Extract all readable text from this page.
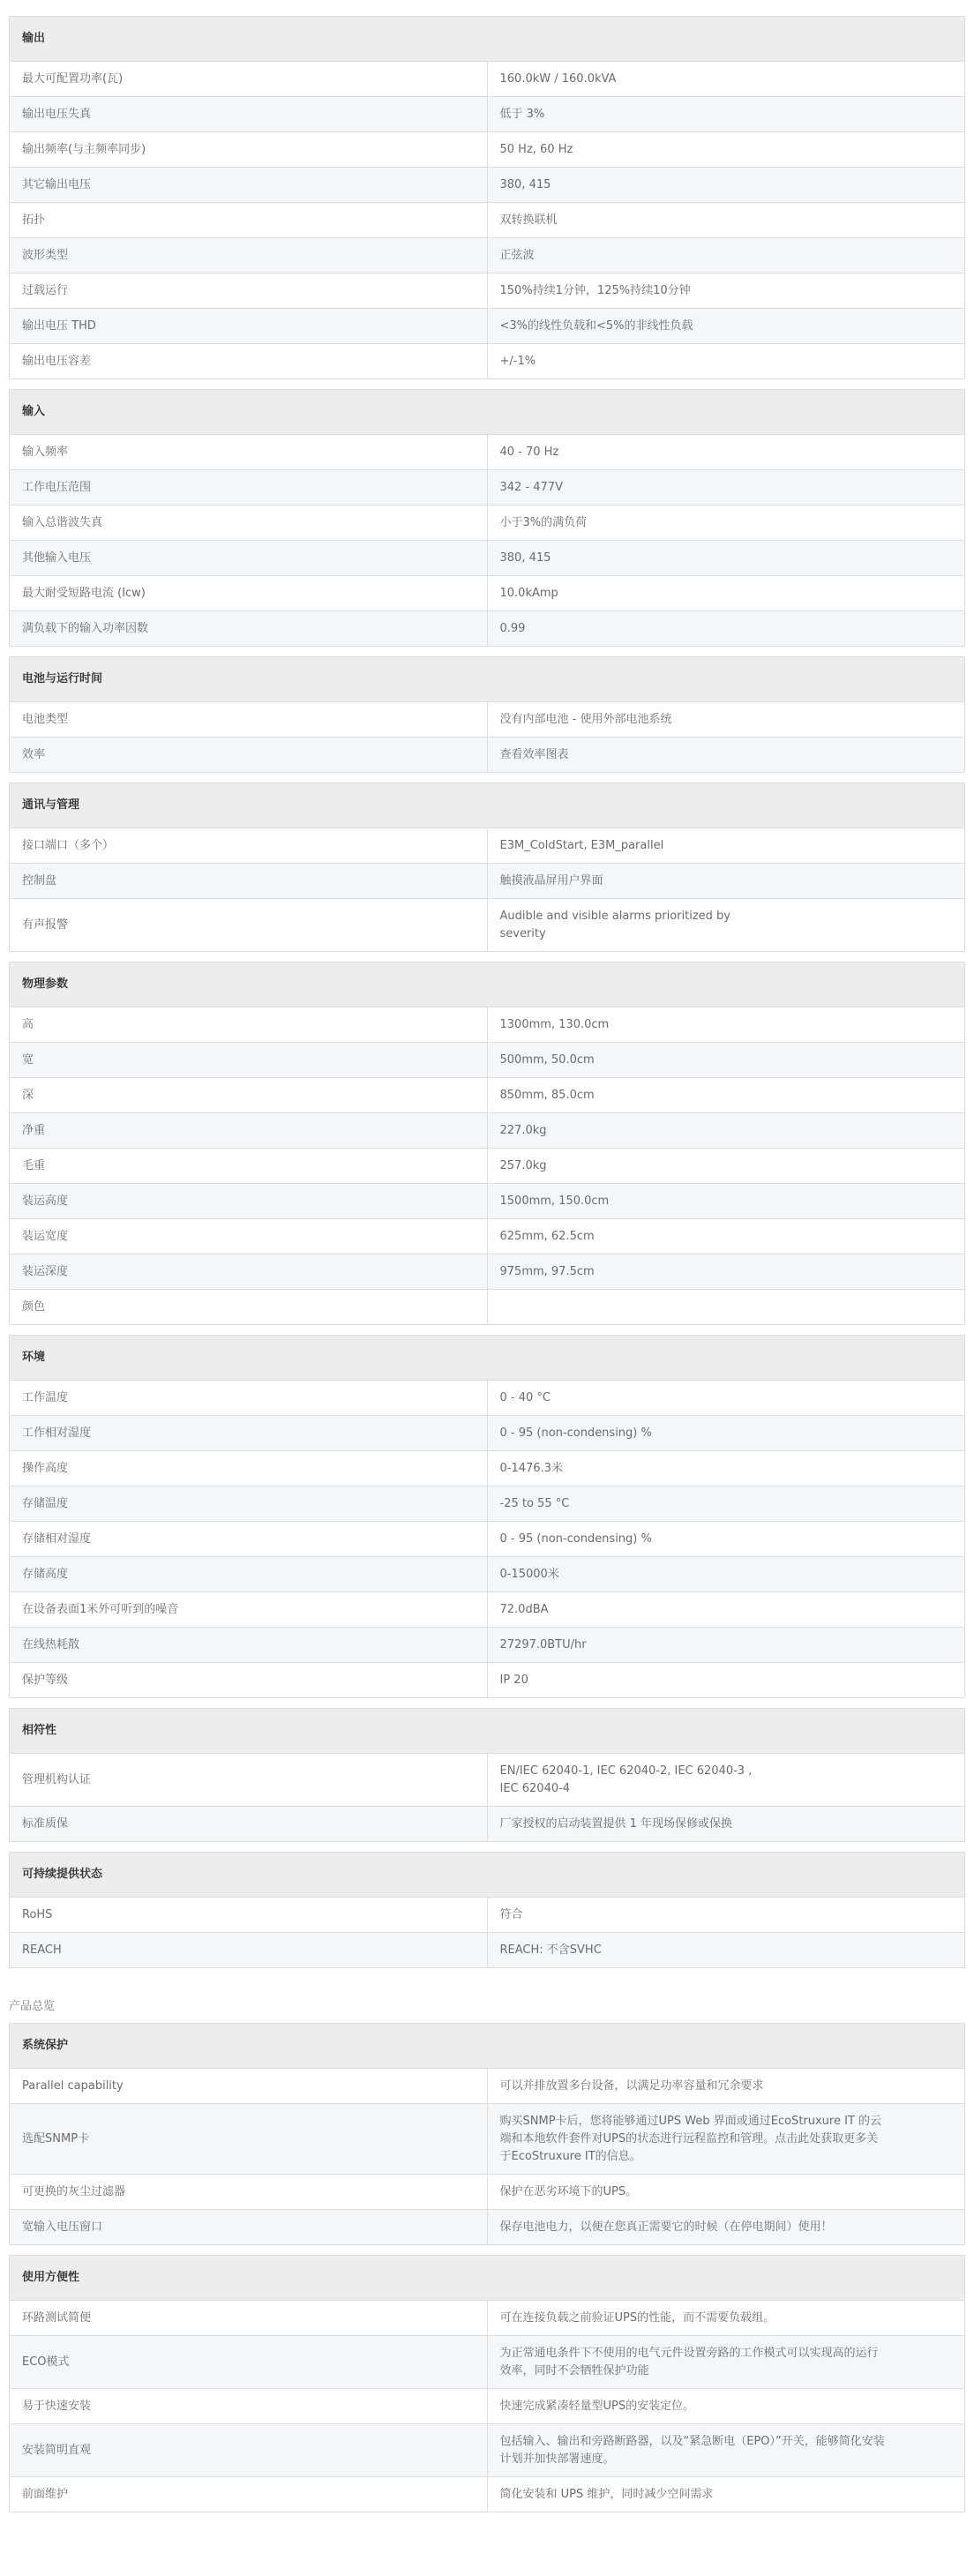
输出	
最大可配置功率(瓦)	160.0kW / 160.0kVA

输出电压失真	低于 3%

输出频率(与主频率同步)	50 Hz, 60 Hz

其它输出电压	380, 415

拓扑	双转换联机

波形类型	正弦波

过载运行	150%持续1分钟，125%持续10分钟

输出电压 THD	<3%的线性负载和<5%的非线性负载

输出电压容差	+/-1%
输入	
输入频率	40 - 70 Hz

工作电压范围	342 - 477V

输入总谐波失真	小于3%的满负荷

其他输入电压	380, 415

最大耐受短路电流 (Icw)	10.0kAmp

满负载下的输入功率因数	0.99
电池与运行时间	
电池类型	没有内部电池 - 使用外部电池系统

效率	查看效率图表
通讯与管理	
接口端口（多个）	E3M_ColdStart, E3M_parallel

控制盘	触摸液晶屏用户界面

有声报警	Audible and visible alarms prioritized by severity
物理参数	
高	1300mm, 130.0cm

宽	500mm, 50.0cm

深	850mm, 85.0cm

净重	227.0kg

毛重	257.0kg

装运高度	1500mm, 150.0cm

装运宽度	625mm, 62.5cm

装运深度	975mm, 97.5cm

颜色	
环境	
工作温度	0 - 40 °C

工作相对湿度	0 - 95 (non-condensing) %

操作高度	0-1476.3米

存储温度	-25 to 55 °C

存储相对湿度	0 - 95 (non-condensing) %

存储高度	0-15000米

在设备表面1米外可听到的噪音	72.0dBA

在线热耗散	27297.0BTU/hr

保护等级	IP 20
相符性	
管理机构认证	EN/IEC 62040-1, IEC 62040-2, IEC 62040-3 , IEC 62040-4

标准质保	厂家授权的启动装置提供 1 年现场保修或保换
可持续提供状态	
RoHS	符合

REACH	REACH: 不含SVHC
产品总览
系统保护	
Parallel capability	可以并排放置多台设备，以满足功率容量和冗余要求

选配SNMP卡	购买SNMP卡后，您将能够通过UPS Web 界面或通过EcoStruxure IT 的云端和本地软件套件对UPS的状态进行远程监控和管理。点击此处获取更多关于EcoStruxure IT的信息。

可更换的灰尘过滤器	保护在恶劣环境下的UPS。

宽输入电压窗口	保存电池电力，以便在您真正需要它的时候（在停电期间）使用！
使用方便性	
环路测试简便	可在连接负载之前验证UPS的性能，而不需要负载组。

ECO模式	为正常通电条件下不使用的电气元件设置旁路的工作模式可以实现高的运行效率，同时不会牺牲保护功能

易于快速安装	快速完成紧凑轻量型UPS的安装定位。

安装简明直观	包括输入、输出和旁路断路器，以及“紧急断电（EPO）”开关，能够简化安装计划并加快部署速度。

前面维护	简化安装和 UPS 维护，同时减少空间需求
